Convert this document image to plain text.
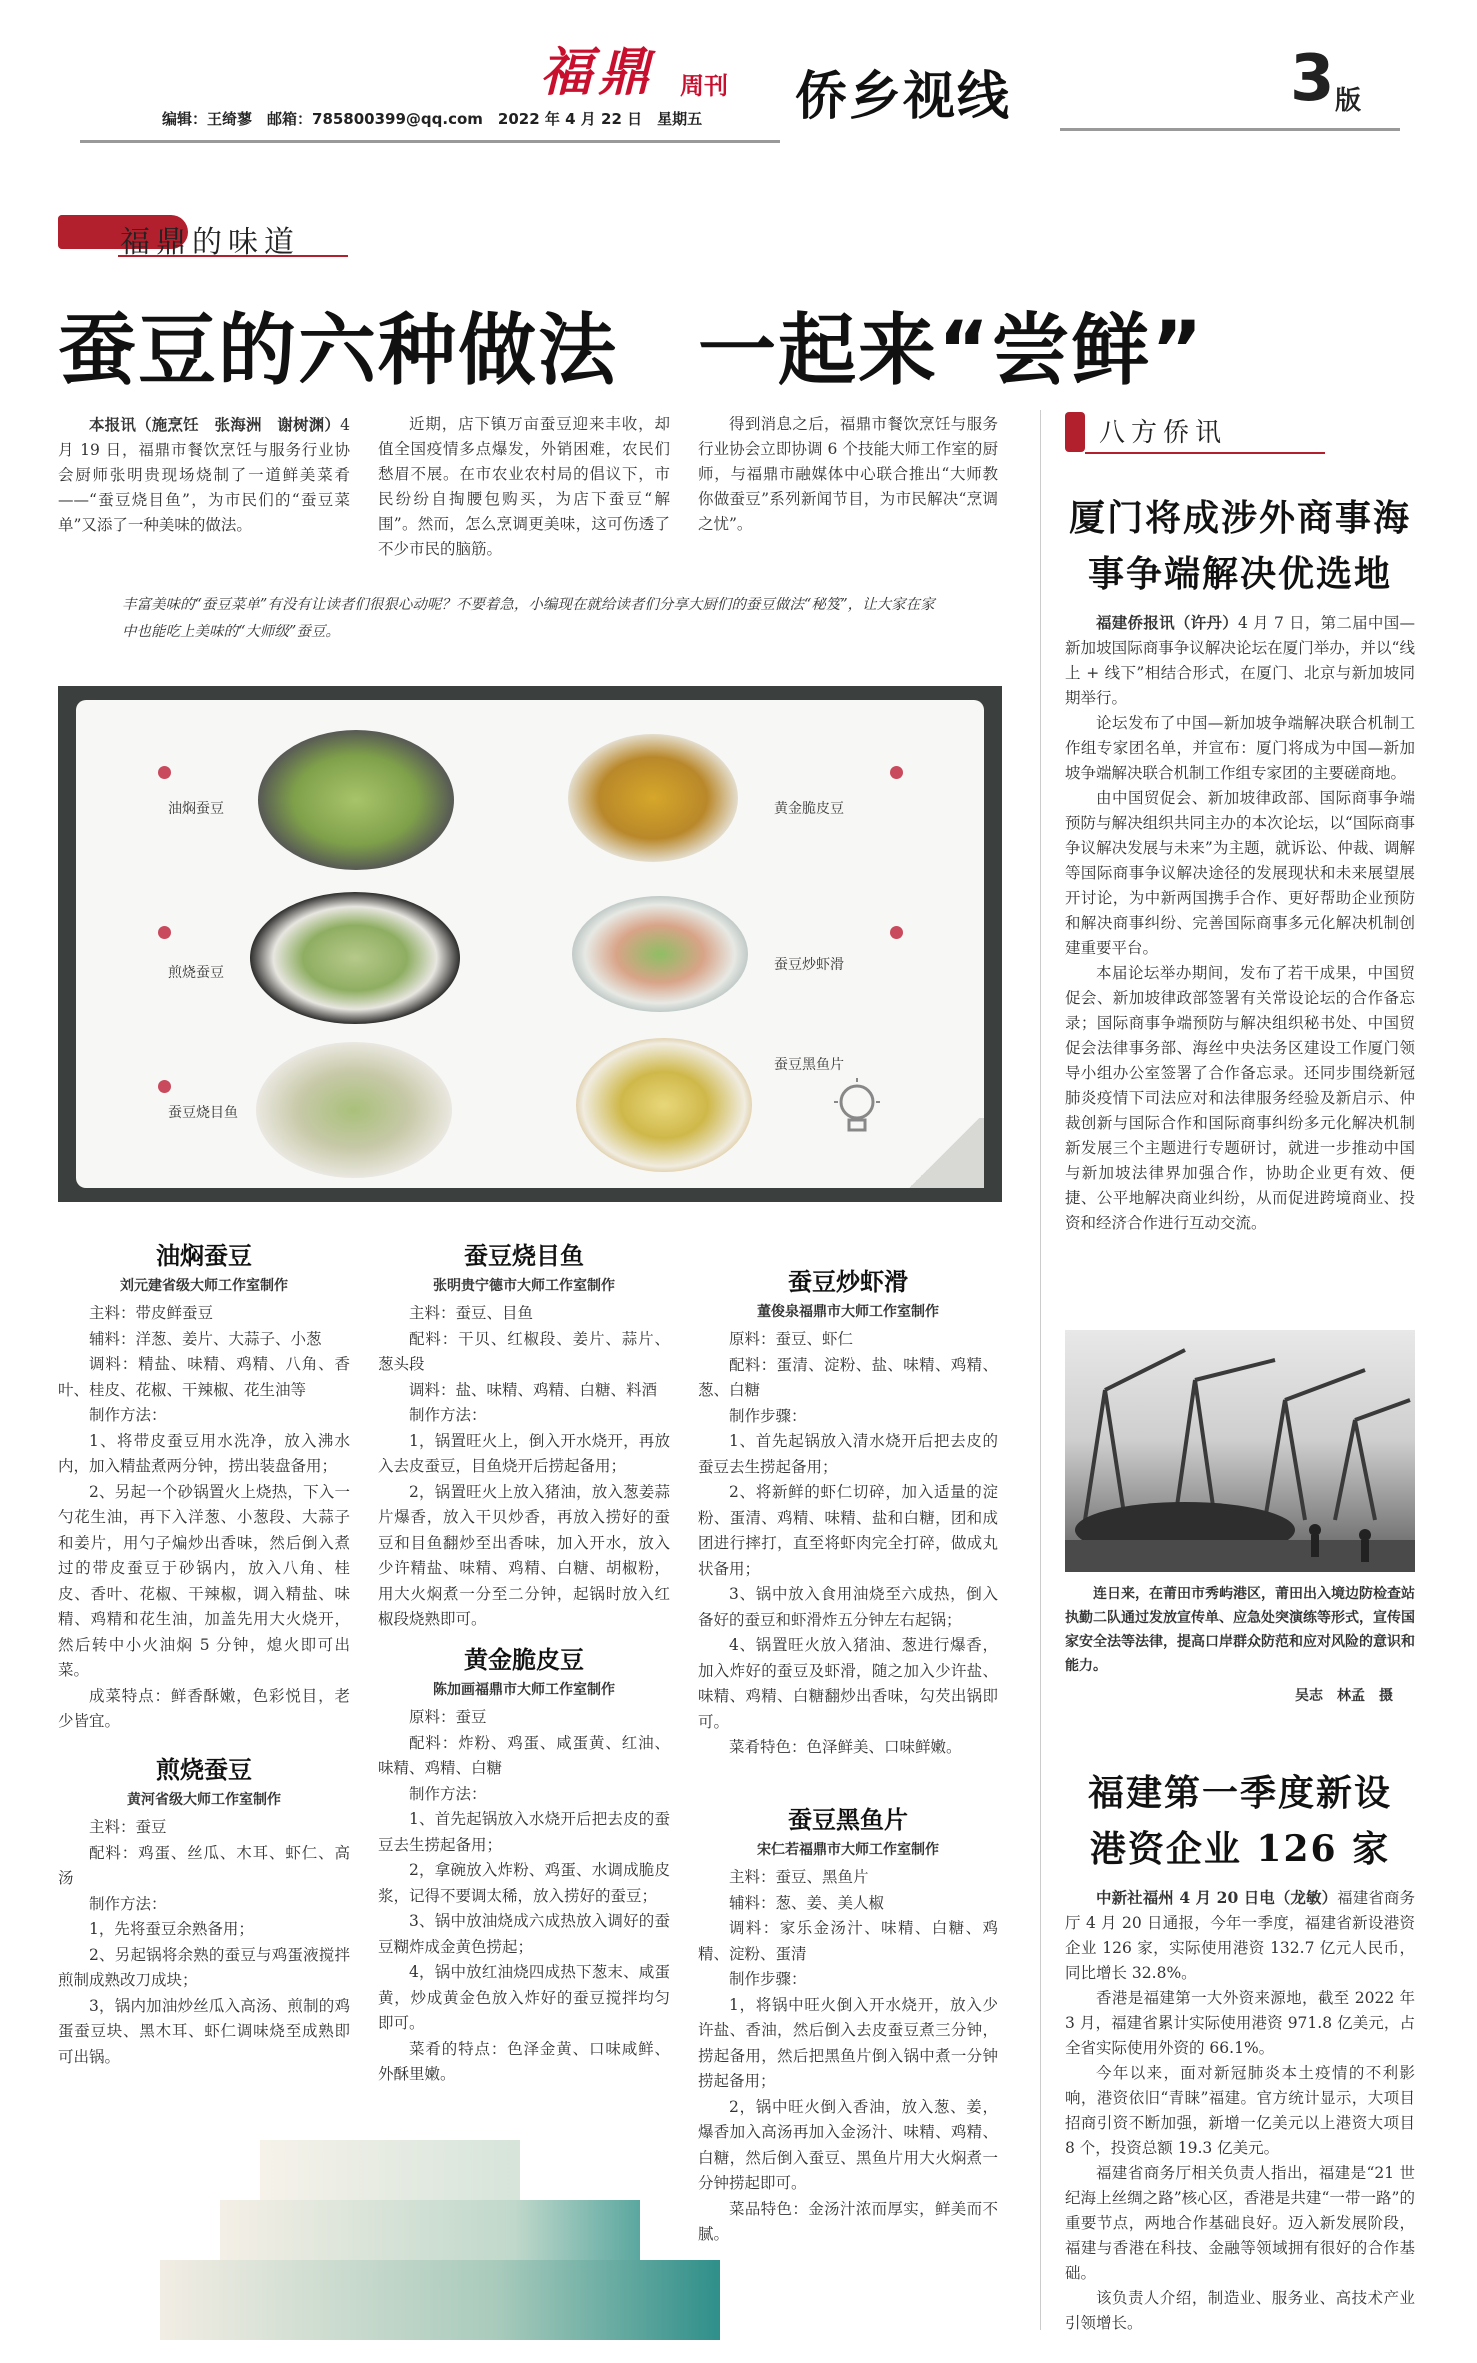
福鼎 周刊
编辑：王绮蓼　邮箱：785800399@qq.com　2022 年 4 月 22 日　星期五 侨乡视线	3 版
福鼎的味道
蚕豆的六种做法　一起来“尝鲜”

本报讯（施烹饪　张海洲　谢树渊）4 月 19 日，福鼎市餐饮烹饪与服务行业协会厨师张明贵现场烧制了一道鲜美菜肴——“蚕豆烧目鱼”，为市民们的“蚕豆菜单”又添了一种美味的做法。

近期，店下镇万亩蚕豆迎来丰收，却值全国疫情多点爆发，外销困难，农民们愁眉不展。在市农业农村局的倡议下，市民纷纷自掏腰包购买，为店下蚕豆“解围”。然而，怎么烹调更美味，这可伤透了不少市民的脑筋。

得到消息之后，福鼎市餐饮烹饪与服务行业协会立即协调 6 个技能大师工作室的厨师，与福鼎市融媒体中心联合推出“大师教你做蚕豆”系列新闻节目，为市民解决“烹调之忧”。

丰富美味的“蚕豆菜单”有没有让读者们很狠心动呢？不要着急，小编现在就给读者们分享大厨们的蚕豆做法“秘笈”，让大家在家中也能吃上美味的“大师级”蚕豆。
油焖蚕豆
煎烧蚕豆
蚕豆烧目鱼
黄金脆皮豆
蚕豆炒虾滑
蚕豆黑鱼片
油焖蚕豆
刘元建省级大师工作室制作

主料：带皮鲜蚕豆

辅料：洋葱、姜片、大蒜子、小葱

调料：精盐、味精、鸡精、八角、香叶、桂皮、花椒、干辣椒、花生油等

制作方法：

1、将带皮蚕豆用水洗净，放入沸水内，加入精盐煮两分钟，捞出装盘备用；

2、另起一个砂锅置火上烧热，下入一勺花生油，再下入洋葱、小葱段、大蒜子和姜片，用勺子煸炒出香味，然后倒入煮过的带皮蚕豆于砂锅内，放入八角、桂皮、香叶、花椒、干辣椒，调入精盐、味精、鸡精和花生油，加盖先用大火烧开，然后转中小火油焖 5 分钟，熄火即可出菜。

成菜特点：鲜香酥嫩，色彩悦目，老少皆宜。

煎烧蚕豆
黄河省级大师工作室制作

主料：蚕豆

配料：鸡蛋、丝瓜、木耳、虾仁、高汤

制作方法：

1，先将蚕豆余熟备用；

2、另起锅将余熟的蚕豆与鸡蛋液搅拌煎制成熟改刀成块；

3，锅内加油炒丝瓜入高汤、煎制的鸡蛋蚕豆块、黑木耳、虾仁调味烧至成熟即可出锅。

蚕豆烧目鱼
张明贵宁德市大师工作室制作

主料：蚕豆、目鱼

配料：干贝、红椒段、姜片、蒜片、葱头段

调料：盐、味精、鸡精、白糖、料酒

制作方法：

1，锅置旺火上，倒入开水烧开，再放入去皮蚕豆，目鱼烧开后捞起备用；

2，锅置旺火上放入猪油，放入葱姜蒜片爆香，放入干贝炒香，再放入捞好的蚕豆和目鱼翻炒至出香味，加入开水，放入少许精盐、味精、鸡精、白糖、胡椒粉，用大火焖煮一分至二分钟，起锅时放入红椒段烧熟即可。

黄金脆皮豆
陈加画福鼎市大师工作室制作

原料：蚕豆

配料：炸粉、鸡蛋、咸蛋黄、红油、味精、鸡精、白糖

制作方法：

1、首先起锅放入水烧开后把去皮的蚕豆去生捞起备用；

2，拿碗放入炸粉、鸡蛋、水调成脆皮浆，记得不要调太稀，放入捞好的蚕豆；

3、锅中放油烧成六成热放入调好的蚕豆糊炸成金黄色捞起；

4，锅中放红油烧四成热下葱末、咸蛋黄，炒成黄金色放入炸好的蚕豆搅拌均匀即可。

菜肴的特点：色泽金黄、口味咸鲜、外酥里嫩。

蚕豆炒虾滑
董俊泉福鼎市大师工作室制作

原料：蚕豆、虾仁

配料：蛋清、淀粉、盐、味精、鸡精、葱、白糖

制作步骤：

1、首先起锅放入清水烧开后把去皮的蚕豆去生捞起备用；

2、将新鲜的虾仁切碎，加入适量的淀粉、蛋清、鸡精、味精、盐和白糖，团和成团进行摔打，直至将虾肉完全打碎，做成丸状备用；

3、锅中放入食用油烧至六成热，倒入备好的蚕豆和虾滑炸五分钟左右起锅；

4、锅置旺火放入猪油、葱进行爆香，加入炸好的蚕豆及虾滑，随之加入少许盐、味精、鸡精、白糖翻炒出香味，勾芡出锅即可。

菜肴特色：色泽鲜美、口味鲜嫩。

蚕豆黑鱼片
宋仁若福鼎市大师工作室制作

主料：蚕豆、黑鱼片

辅料：葱、姜、美人椒

调料：家乐金汤汁、味精、白糖、鸡精、淀粉、蛋清

制作步骤：

1，将锅中旺火倒入开水烧开，放入少许盐、香油，然后倒入去皮蚕豆煮三分钟，捞起备用，然后把黑鱼片倒入锅中煮一分钟捞起备用；

2，锅中旺火倒入香油，放入葱、姜，爆香加入高汤再加入金汤汁、味精、鸡精、白糖，然后倒入蚕豆、黑鱼片用大火焖煮一分钟捞起即可。

菜品特色：金汤汁浓而厚实，鲜美而不腻。

八方侨讯
厦门将成涉外商事海
事争端解决优选地

福建侨报讯（许丹）4 月 7 日，第二届中国—新加坡国际商事争议解决论坛在厦门举办，并以“线上 + 线下”相结合形式，在厦门、北京与新加坡同期举行。

论坛发布了中国—新加坡争端解决联合机制工作组专家团名单，并宣布：厦门将成为中国—新加坡争端解决联合机制工作组专家团的主要磋商地。

由中国贸促会、新加坡律政部、国际商事争端预防与解决组织共同主办的本次论坛，以“国际商事争议解决发展与未来”为主题，就诉讼、仲裁、调解等国际商事争议解决途径的发展现状和未来展望展开讨论，为中新两国携手合作、更好帮助企业预防和解决商事纠纷、完善国际商事多元化解决机制创建重要平台。

本届论坛举办期间，发布了若干成果，中国贸促会、新加坡律政部签署有关常设论坛的合作备忘录；国际商事争端预防与解决组织秘书处、中国贸促会法律事务部、海丝中央法务区建设工作厦门领导小组办公室签署了合作备忘录。还同步围绕新冠肺炎疫情下司法应对和法律服务经验及新启示、仲裁创新与国际合作和国际商事纠纷多元化解决机制新发展三个主题进行专题研讨，就进一步推动中国与新加坡法律界加强合作，协助企业更有效、便捷、公平地解决商业纠纷，从而促进跨境商业、投资和经济合作进行互动交流。

连日来，在莆田市秀屿港区，莆田出入境边防检查站执勤二队通过发放宣传单、应急处突演练等形式，宣传国家安全法等法律，提高口岸群众防范和应对风险的意识和能力。
吴志　林孟　摄
福建第一季度新设
港资企业 126 家

中新社福州 4 月 20 日电（龙敏）福建省商务厅 4 月 20 日通报，今年一季度，福建省新设港资企业 126 家，实际使用港资 132.7 亿元人民币，同比增长 32.8%。

香港是福建第一大外资来源地，截至 2022 年 3 月，福建省累计实际使用港资 971.8 亿美元，占全省实际使用外资的 66.1%。

今年以来，面对新冠肺炎本土疫情的不利影响，港资依旧“青睐”福建。官方统计显示，大项目招商引资不断加强，新增一亿美元以上港资大项目 8 个，投资总额 19.3 亿美元。

福建省商务厅相关负责人指出，福建是“21 世纪海上丝绸之路”核心区，香港是共建“一带一路”的重要节点，两地合作基础良好。迈入新发展阶段，福建与香港在科技、金融等领域拥有很好的合作基础。

该负责人介绍，制造业、服务业、高技术产业引领增长。
